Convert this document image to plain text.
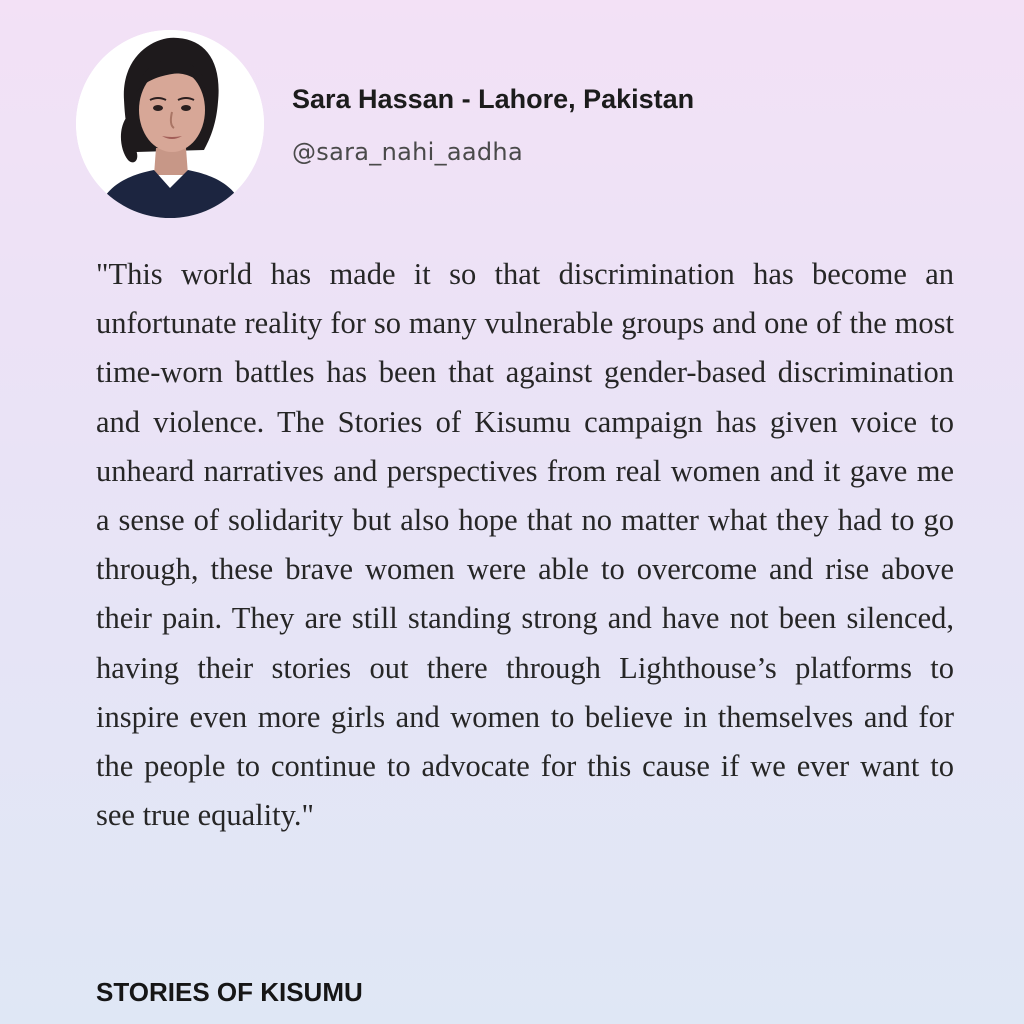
Sara Hassan - Lahore, Pakistan
@sara_nahi_aadha

"This world has made it so that discrimination has become an unfortunate reality for so many vulnerable groups and one of the most time-worn battles has been that against gender-based discrimination and violence. The Stories of Kisumu campaign has given voice to unheard narratives and perspectives from real women and it gave me a sense of solidarity but also hope that no matter what they had to go through, these brave women were able to overcome and rise above their pain. They are still standing strong and have not been silenced, having their stories out there through Lighthouse’s platforms to inspire even more girls and women to believe in themselves and for the people to continue to advocate for this cause if we ever want to see true equality."

STORIES OF KISUMU
